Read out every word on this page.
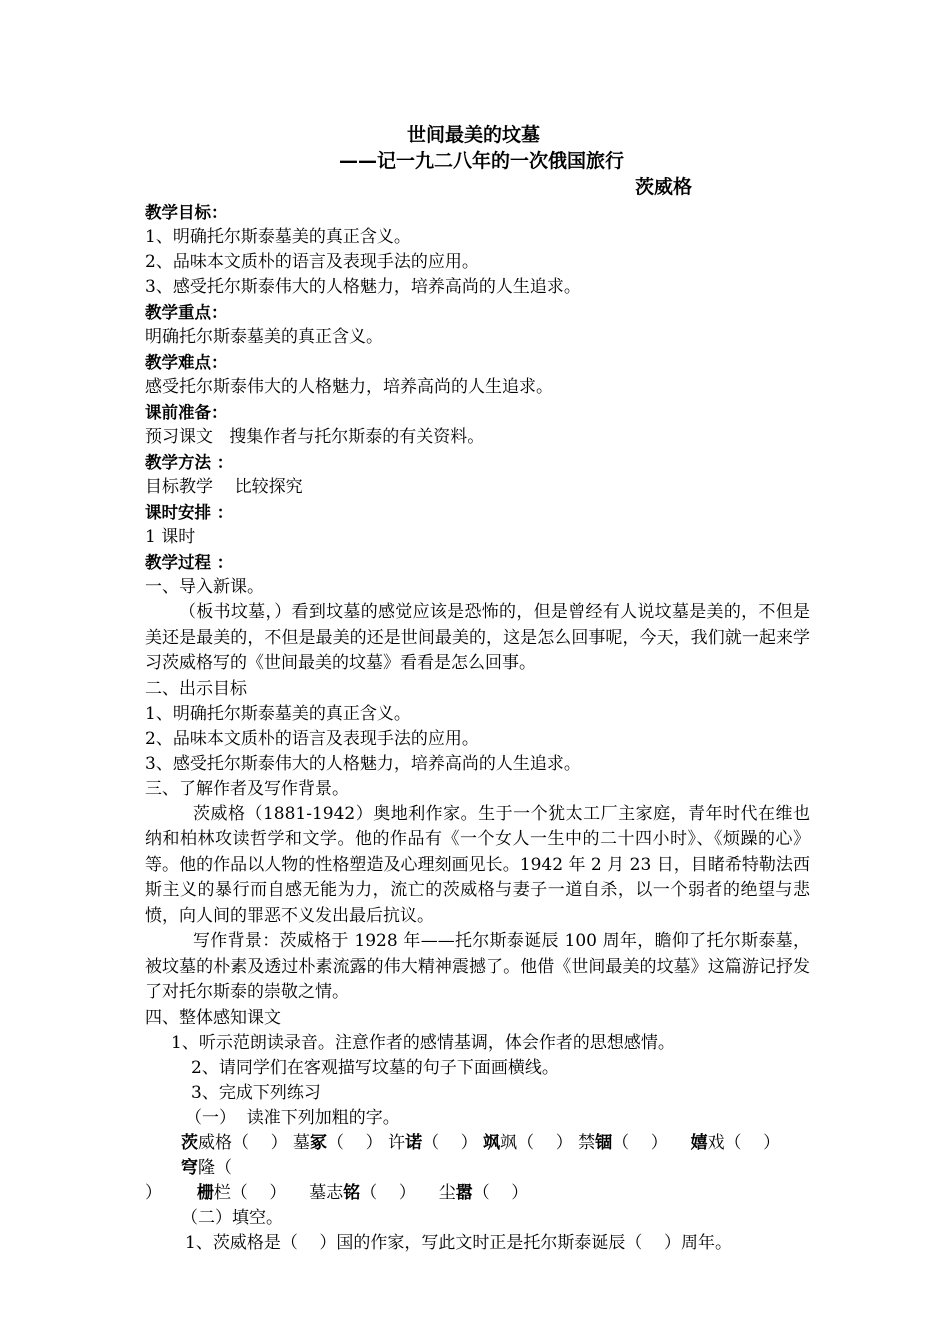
世间最美的坟墓
——记一九二八年的一次俄国旅行
茨威格
教学目标：
1、明确托尔斯泰墓美的真正含义。
2、品味本文质朴的语言及表现手法的应用。
3、感受托尔斯泰伟大的人格魅力，培养高尚的人生追求。
教学重点：
明确托尔斯泰墓美的真正含义。
教学难点：
感受托尔斯泰伟大的人格魅力，培养高尚的人生追求。
课前准备：
预习课文   搜集作者与托尔斯泰的有关资料。
教学方法 ：
目标教学    比较探究
课时安排 ：
1 课时
教学过程 ：
一、导入新课。
（板书坟墓，）看到坟墓的感觉应该是恐怖的，但是曾经有人说坟墓是美的，不但是美还是最美的，不但是最美的还是世间最美的，这是怎么回事呢，今天，我们就一起来学习茨威格写的《世间最美的坟墓》看看是怎么回事。
二、出示目标
1、明确托尔斯泰墓美的真正含义。
2、品味本文质朴的语言及表现手法的应用。
3、感受托尔斯泰伟大的人格魅力，培养高尚的人生追求。
三、了解作者及写作背景。
茨威格（1881-1942）奥地利作家。生于一个犹太工厂主家庭，青年时代在维也纳和柏林攻读哲学和文学。他的作品有《一个女人一生中的二十四小时》、《烦躁的心》等。他的作品以人物的性格塑造及心理刻画见长。1942 年 2 月 23 日，目睹希特勒法西斯主义的暴行而自感无能为力，流亡的茨威格与妻子一道自杀，以一个弱者的绝望与悲愤，向人间的罪恶不义发出最后抗议。
写作背景：茨威格于 1928 年——托尔斯泰诞辰 100 周年，瞻仰了托尔斯泰墓，被坟墓的朴素及透过朴素流露的伟大精神震撼了。他借《世间最美的坟墓》这篇游记抒发了对托尔斯泰的崇敬之情。
四、整体感知课文
1、听示范朗读录音。注意作者的感情基调，体会作者的思想感情。
2、请同学们在客观描写坟墓的句子下面画横线。
3、完成下列练习
（一）  读准下列加粗的字。
茨威格（    ） 墓冢（    ） 许诺（    ） 飒飒（    ） 禁锢（    ） 嬉戏（    ）  穹隆（
） 栅栏（    ） 墓志铭（    ） 尘嚣（    ）
（二）填空。
1、茨威格是（    ）国的作家，写此文时正是托尔斯泰诞辰（    ）周年。
